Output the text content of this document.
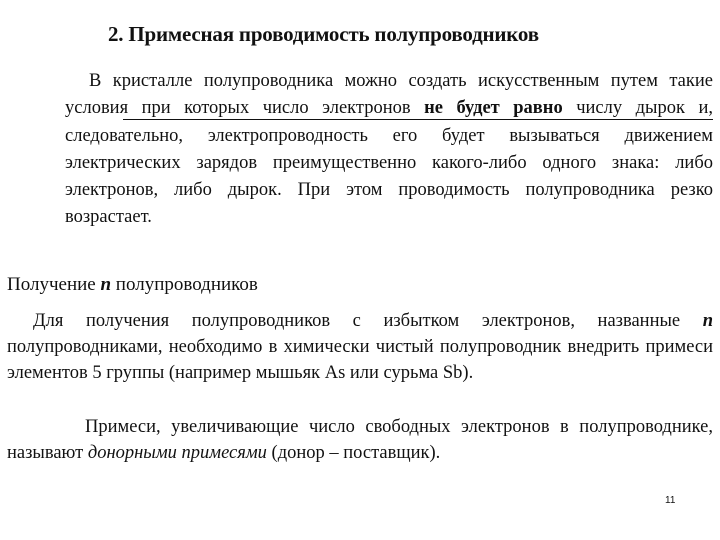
2. Примесная проводимость полупроводников
В кристалле полупроводника можно создать искусственным путем такие условия при которых число электронов не будет равно числу дырок и, следовательно, электропроводность его будет вызываться движением электрических зарядов преимущественно какого-либо одного знака: либо электронов, либо дырок. При этом проводимость полупроводника резко возрастает.
Получение n полупроводников
Для получения полупроводников с избытком электронов, названные n полупроводниками, необходимо в химически чистый полупроводник внедрить примеси элементов 5 группы (например мышьяк As или сурьма Sb).
Примеси, увеличивающие число свободных электронов в полупроводнике, называют донорными примесями (донор – поставщик).
11
